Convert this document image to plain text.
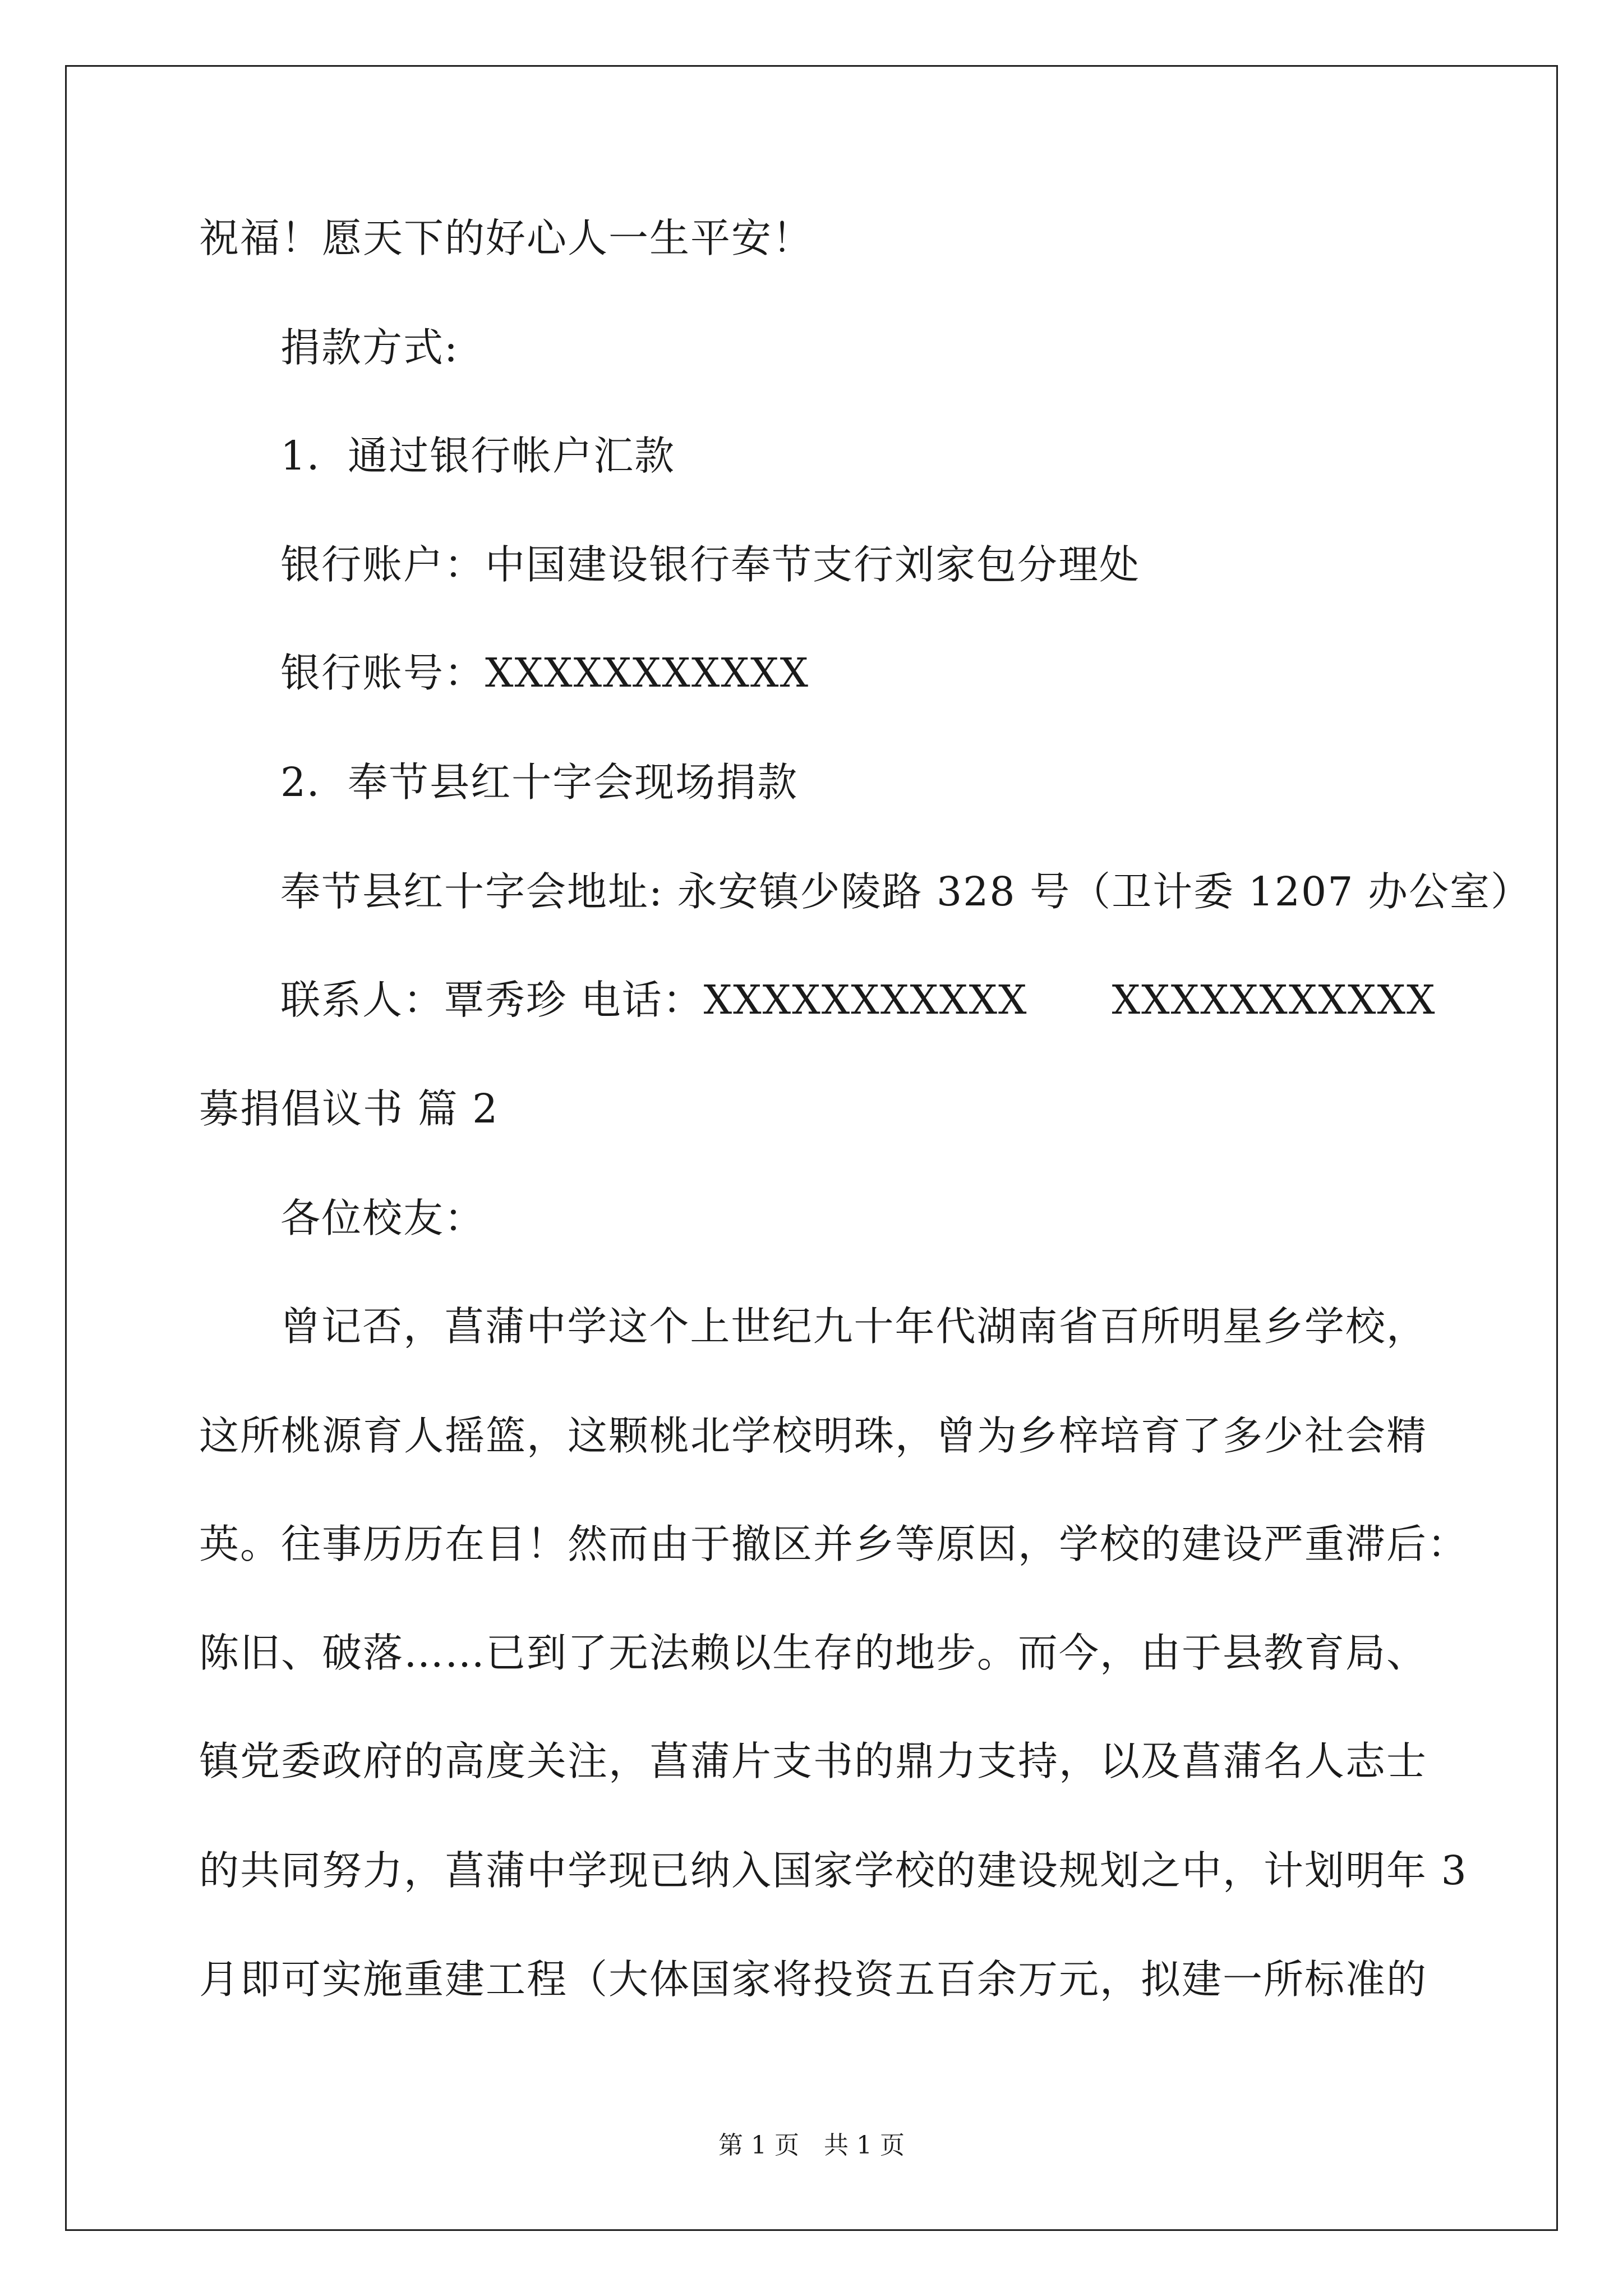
祝福！愿天下的好心人一生平安！
捐款方式:
1．通过银行帐户汇款
银行账户：中国建设银行奉节支行刘家包分理处
银行账号：XXXXXXXXXXX
2．奉节县红十字会现场捐款
奉节县红十字会地址: 永安镇少陵路 328 号（卫计委 1207 办公室）
联系人：覃秀珍 电话：XXXXXXXXXXX XXXXXXXXXXX
募捐倡议书 篇 2
各位校友：
曾记否，菖蒲中学这个上世纪九十年代湖南省百所明星乡学校，
这所桃源育人摇篮，这颗桃北学校明珠，曾为乡梓培育了多少社会精
英。往事历历在目！然而由于撤区并乡等原因，学校的建设严重滞后：
陈旧、破落……已到了无法赖以生存的地步。而今，由于县教育局、
镇党委政府的高度关注，菖蒲片支书的鼎力支持，以及菖蒲名人志士
的共同努力，菖蒲中学现已纳入国家学校的建设规划之中，计划明年 3
月即可实施重建工程（大体国家将投资五百余万元，拟建一所标准的
第 1 页　共 1 页
